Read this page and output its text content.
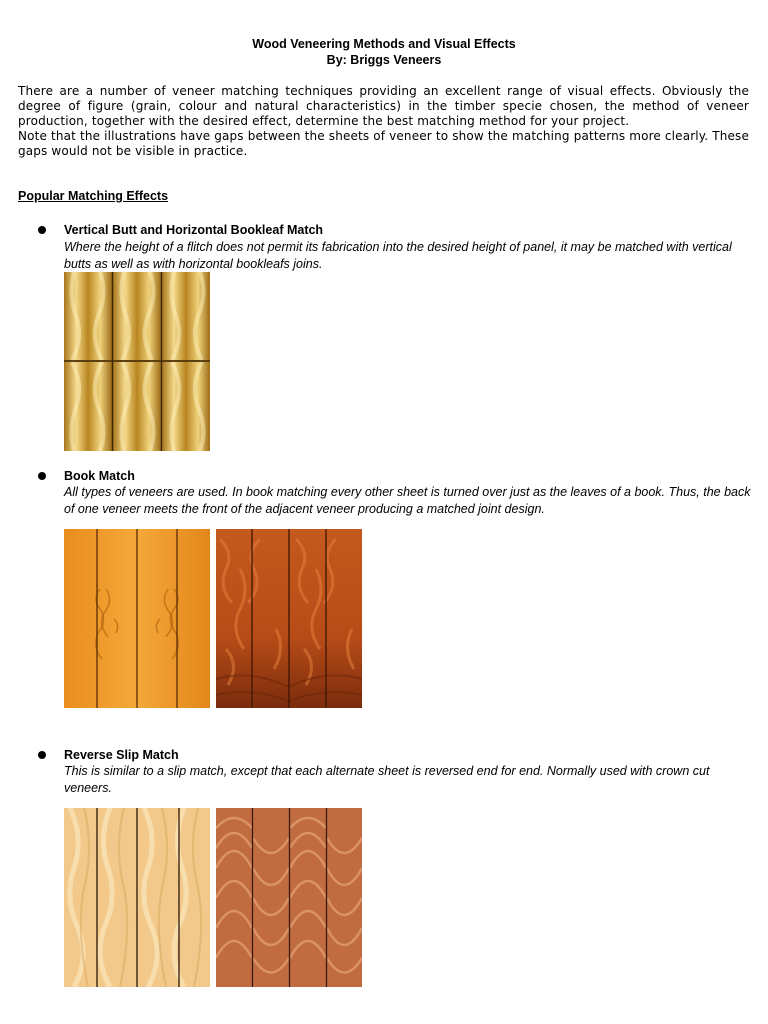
Wood Veneering Methods and Visual Effects
By: Briggs Veneers

There are a number of veneer matching techniques providing an excellent range of visual effects. Obviously the degree of figure (grain, colour and natural characteristics) in the timber specie chosen, the method of veneer production, together with the desired effect, determine the best matching method for your project.

Note that the illustrations have gaps between the sheets of veneer to show the matching patterns more clearly. These gaps would not be visible in practice.

Popular Matching Effects
Vertical Butt and Horizontal Bookleaf Match
Where the height of a flitch does not permit its fabrication into the desired height of panel, it may be matched with vertical butts as well as with horizontal bookleafs joins.
Book Match
All types of veneers are used. In book matching every other sheet is turned over just as the leaves of a book. Thus, the back of one veneer meets the front of the adjacent veneer producing a matched joint design.
Reverse Slip Match
This is similar to a slip match, except that each alternate sheet is reversed end for end. Normally used with crown cut veneers.
